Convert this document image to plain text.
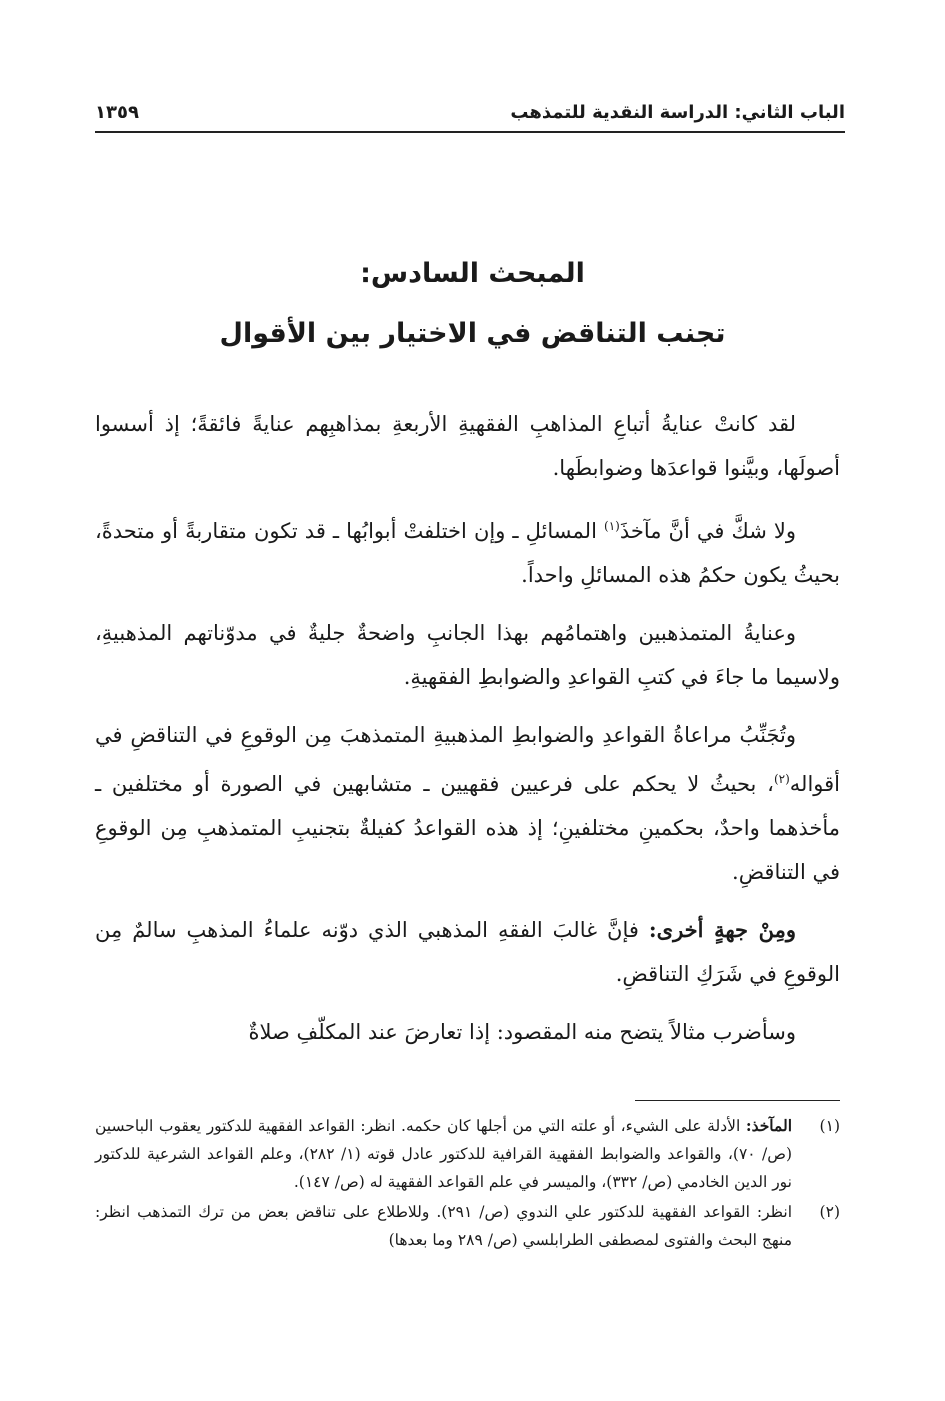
الباب الثاني: الدراسة النقدية للتمذهب
١٣٥٩
المبحث السادس:
تجنب التناقض في الاختيار بين الأقوال

لقد كانتْ عنايةُ أتباعِ المذاهبِ الفقهيةِ الأربعةِ بمذاهبِهم عنايةً فائقةً؛ إذ أسسوا أصولَها، وبيَّنوا قواعدَها وضوابطَها.

ولا شكَّ في أنَّ مآخذَ$^{(١)}$ المسائلِ ـ وإن اختلفتْ أبوابُها ـ قد تكون متقاربةً أو متحدةً، بحيثُ يكون حكمُ هذه المسائلِ واحداً.

وعنايةُ المتمذهبين واهتمامُهم بهذا الجانبِ واضحةٌ جليةٌ في مدوّناتهم المذهبيةِ، ولاسيما ما جاءَ في كتبِ القواعدِ والضوابطِ الفقهيةِ.

وتُجَنِّبُ مراعاةُ القواعدِ والضوابطِ المذهبيةِ المتمذهبَ مِن الوقوعِ في التناقضِ في أقواله$^{(٢)}$، بحيثُ لا يحكم على فرعيين فقهيين ـ متشابهين في الصورة أو مختلفين ـ مأخذهما واحدٌ، بحكمينِ مختلفينِ؛ إذ هذه القواعدُ كفيلةٌ بتجنيبِ المتمذهبِ مِن الوقوعِ في التناقضِ.

ومِنْ جهةٍ أخرى: فإنَّ غالبَ الفقهِ المذهبي الذي دوّنه علماءُ المذهبِ سالمٌ مِن الوقوعِ في شَرَكِ التناقضِ.

وسأضرب مثالاً يتضح منه المقصود: إذا تعارضَ عند المكلّفِ صلاةٌ

(١)
المآخذ: الأدلة على الشيء، أو علته التي من أجلها كان حكمه. انظر: القواعد الفقهية للدكتور يعقوب الباحسين (ص/ ٧٠)، والقواعد والضوابط الفقهية القرافية للدكتور عادل قوته (١/ ٢٨٢)، وعلم القواعد الشرعية للدكتور نور الدين الخادمي (ص/ ٣٣٢)، والميسر في علم القواعد الفقهية له (ص/ ١٤٧).
(٢)
انظر: القواعد الفقهية للدكتور علي الندوي (ص/ ٢٩١). وللاطلاع على تناقض بعض من ترك التمذهب انظر: منهج البحث والفتوى لمصطفى الطرابلسي (ص/ ٢٨٩ وما بعدها)
